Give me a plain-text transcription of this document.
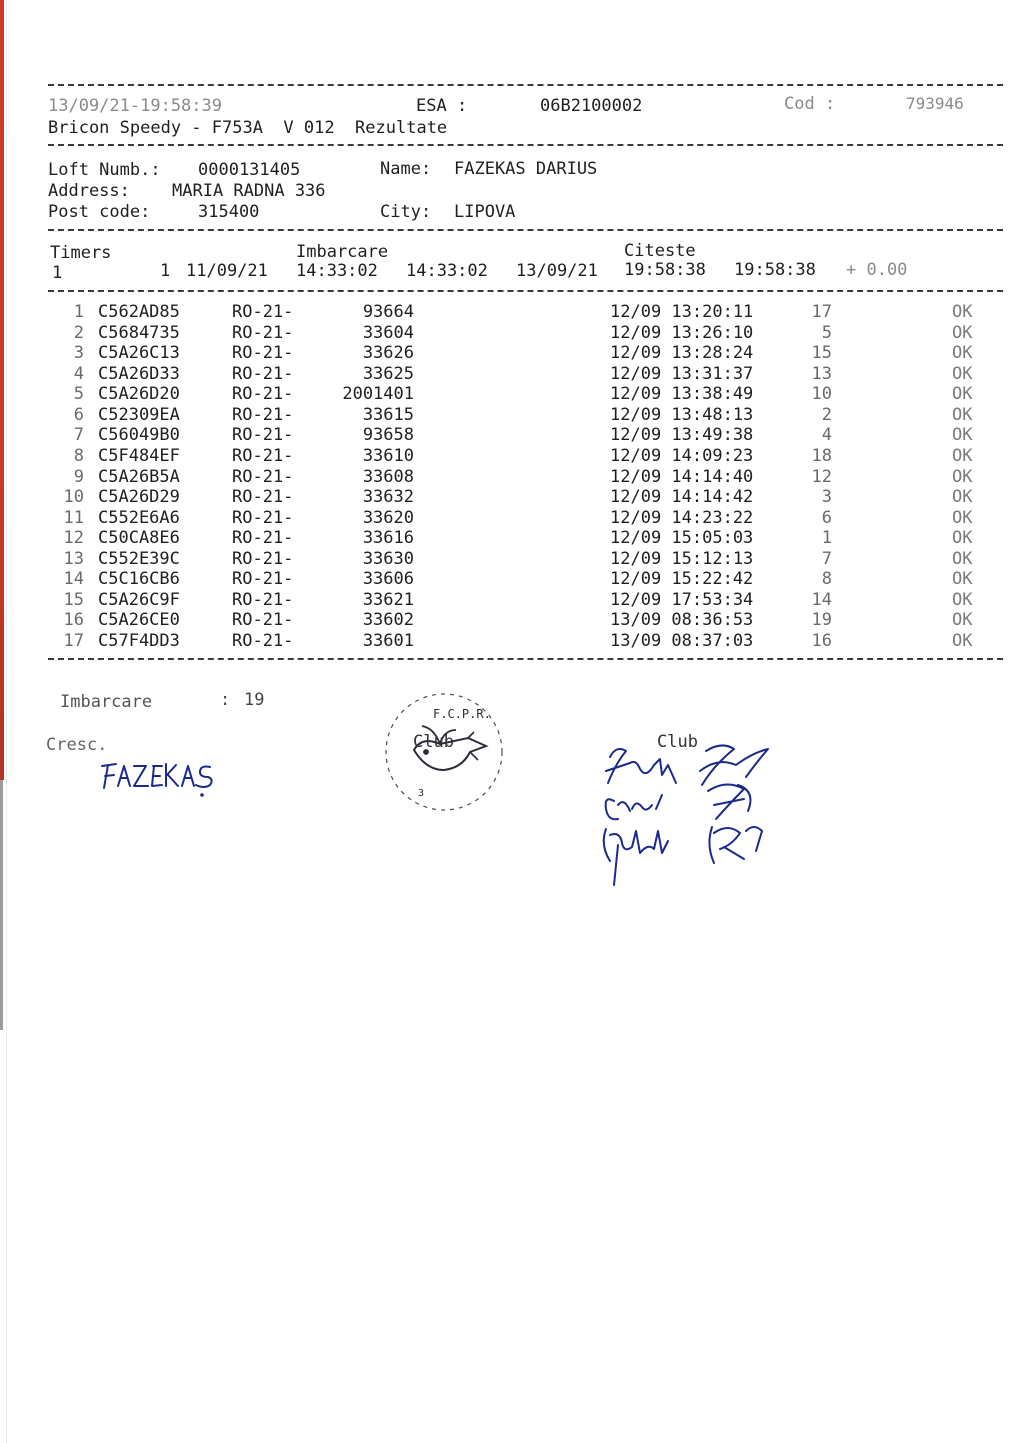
13/09/21-19:58:39	ESA :	06B2100002	Cod :	793946
Bricon Speedy - F753A  V 012  Rezultate
Loft Numb.: 0000131405	Name: FAZEKAS DARIUS
Address: MARIA RADNA 336
Post code:	315400	City: LIPOVA
Timers	Imbarcare	Citeste
1	1 11/09/21 14:33:02 14:33:02 13/09/21 19:58:38 19:58:38 + 0.00
1 C562AD85	RO-21-	93664	12/09 13:20:11	17	OK
2 C5684735	RO-21-	33604	12/09 13:26:10	5	OK
3 C5A26C13	RO-21-	33626	12/09 13:28:24	15	OK
4 C5A26D33	RO-21-	33625	12/09 13:31:37	13	OK
5 C5A26D20	RO-21-	2001401	12/09 13:38:49	10	OK
6 C52309EA	RO-21-	33615	12/09 13:48:13	2	OK
7 C56049B0	RO-21-	93658	12/09 13:49:38	4	OK
8 C5F484EF	RO-21-	33610	12/09 14:09:23	18	OK
9 C5A26B5A	RO-21-	33608	12/09 14:14:40	12	OK
10 C5A26D29	RO-21-	33632	12/09 14:14:42	3	OK
11 C552E6A6	RO-21-	33620	12/09 14:23:22	6	OK
12 C50CA8E6	RO-21-	33616	12/09 15:05:03	1	OK
13 C552E39C	RO-21-	33630	12/09 15:12:13	7	OK
14 C5C16CB6	RO-21-	33606	12/09 15:22:42	8	OK
15 C5A26C9F	RO-21-	33621	12/09 17:53:34	14	OK
16 C5A26CE0	RO-21-	33602	13/09 08:36:53	19	OK
17 C57F4DD3	RO-21-	33601	13/09 08:37:03	16	OK
Imbarcare	: 19
Cresc.
F.C.P.R.
3
Club	Club
